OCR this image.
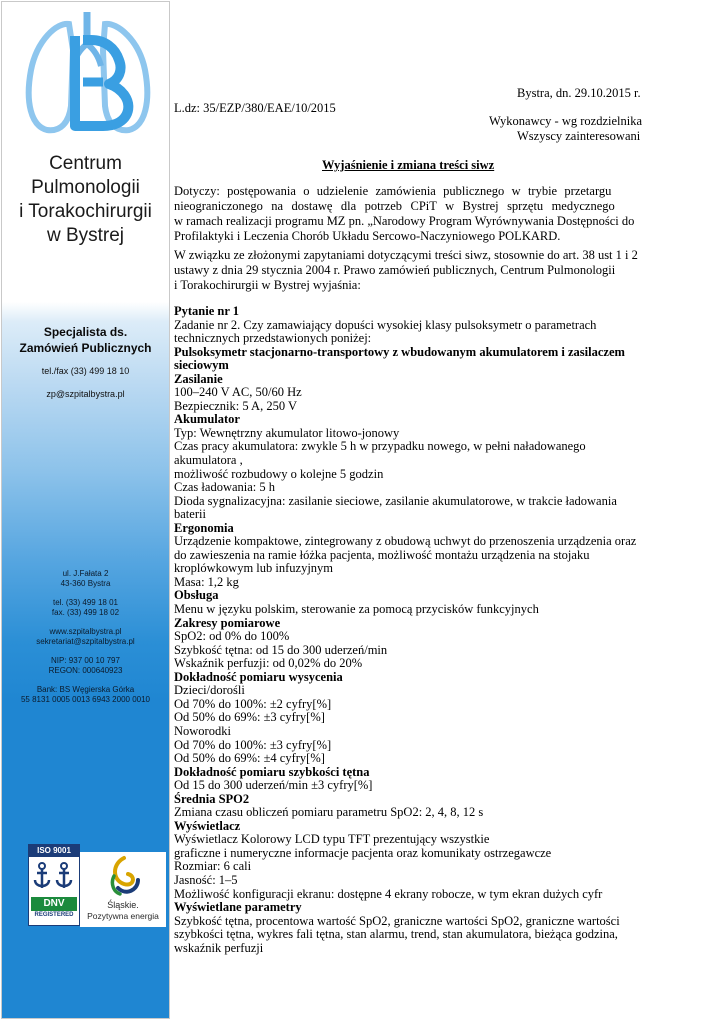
Centrum
Pulmonologii
i Torakochirurgii
w Bystrej
Specjalista ds.
Zamówień Publicznych
tel./fax (33) 499 18 10
zp@szpitalbystra.pl
ul. J.Fałata 2
43-360 Bystra
tel. (33) 499 18 01
fax. (33) 499 18 02
www.szpitalbystra.pl
sekretariat@szpitalbystra.pl
NIP: 937 00 10 797
REGON: 000640923
Bank: BS Węgierska Górka
55 8131 0005 0013 6943 2000 0010
ISO 9001
DNV
REGISTERED
Śląskie.
Pozytywna energia
Bystra, dn. 29.10.2015 r.
L.dz: 35/EZP/380/EAE/10/2015
Wykonawcy - wg rozdzielnika
Wszyscy zainteresowani
Wyjaśnienie i zmiana treści siwz
Dotyczy: postępowania o udzielenie zamówienia publicznego w trybie przetargu
nieograniczonego na dostawę dla potrzeb CPiT w Bystrej sprzętu medycznego
w ramach realizacji programu MZ pn. „Narodowy Program Wyrównywania Dostępności do
Profilaktyki i Leczenia Chorób Układu Sercowo-Naczyniowego POLKARD.
W związku ze złożonymi zapytaniami dotyczącymi treści siwz, stosownie do art. 38 ust 1 i 2
ustawy z dnia 29 stycznia 2004 r. Prawo zamówień publicznych, Centrum Pulmonologii
i Torakochirurgii w Bystrej wyjaśnia:
Pytanie nr 1
Zadanie nr 2. Czy zamawiający dopuści wysokiej klasy pulsoksymetr o parametrach
technicznych przedstawionych poniżej:
Pulsoksymetr stacjonarno-transportowy z wbudowanym akumulatorem i zasilaczem
sieciowym
Zasilanie
100–240 V AC, 50/60 Hz
Bezpiecznik: 5 A, 250 V
Akumulator
Typ: Wewnętrzny akumulator litowo-jonowy
Czas pracy akumulatora: zwykle 5 h w przypadku nowego, w pełni naładowanego
akumulatora ,
możliwość rozbudowy o kolejne 5 godzin
Czas ładowania: 5 h
Dioda sygnalizacyjna: zasilanie sieciowe, zasilanie akumulatorowe, w trakcie ładowania
baterii
Ergonomia
Urządzenie kompaktowe, zintegrowany z obudową uchwyt do przenoszenia urządzenia oraz
do zawieszenia na ramie łóżka pacjenta, możliwość montażu urządzenia na stojaku
kroplówkowym lub infuzyjnym
Masa: 1,2 kg
Obsługa
Menu w języku polskim, sterowanie za pomocą przycisków funkcyjnych
Zakresy pomiarowe
SpO2: od 0% do 100%
Szybkość tętna: od 15 do 300 uderzeń/min
Wskaźnik perfuzji: od 0,02% do 20%
Dokładność pomiaru wysycenia
Dzieci/dorośli
Od 70% do 100%: ±2 cyfry[%]
Od 50% do 69%: ±3 cyfry[%]
Noworodki
Od 70% do 100%: ±3 cyfry[%]
Od 50% do 69%: ±4 cyfry[%]
Dokładność pomiaru szybkości tętna
Od 15 do 300 uderzeń/min ±3 cyfry[%]
Średnia SPO2
Zmiana czasu obliczeń pomiaru parametru SpO2: 2, 4, 8, 12 s
Wyświetlacz
Wyświetlacz Kolorowy LCD typu TFT prezentujący wszystkie
graficzne i numeryczne informacje pacjenta oraz komunikaty ostrzegawcze
Rozmiar: 6 cali
Jasność: 1–5
Możliwość konfiguracji ekranu: dostępne 4 ekrany robocze, w tym ekran dużych cyfr
Wyświetlane parametry
Szybkość tętna, procentowa wartość SpO2, graniczne wartości SpO2, graniczne wartości
szybkości tętna, wykres fali tętna, stan alarmu, trend, stan akumulatora, bieżąca godzina,
wskaźnik perfuzji
